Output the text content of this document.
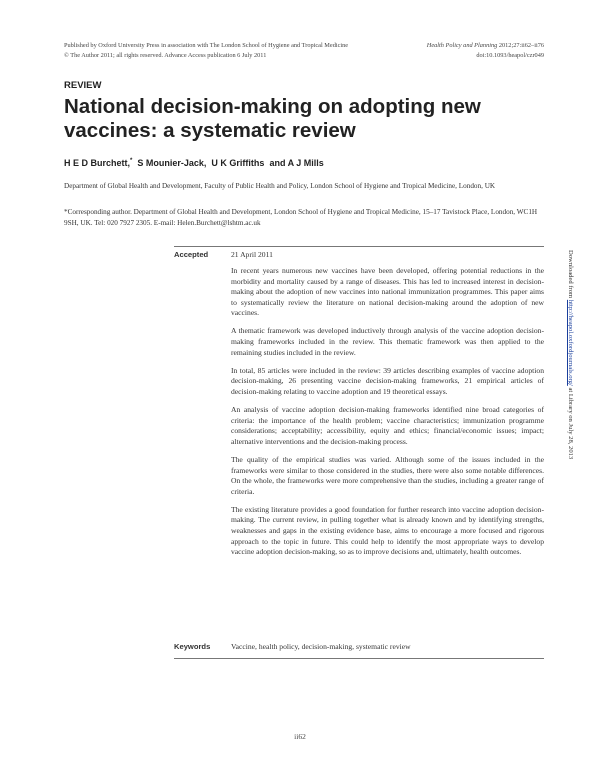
Published by Oxford University Press in association with The London School of Hygiene and Tropical Medicine
© The Author 2011; all rights reserved. Advance Access publication 6 July 2011
Health Policy and Planning 2012;27:ii62–ii76
doi:10.1093/heapol/czr049
REVIEW
National decision-making on adopting new vaccines: a systematic review
H E D Burchett,* S Mounier-Jack, U K Griffiths and A J Mills
Department of Global Health and Development, Faculty of Public Health and Policy, London School of Hygiene and Tropical Medicine, London, UK
*Corresponding author. Department of Global Health and Development, London School of Hygiene and Tropical Medicine, 15–17 Tavistock Place, London, WC1H 9SH, UK. Tel: 020 7927 2305. E-mail: Helen.Burchett@lshtm.ac.uk
Accepted	21 April 2011

In recent years numerous new vaccines have been developed, offering potential reductions in the morbidity and mortality caused by a range of diseases. This has led to increased interest in decision-making about the adoption of new vaccines into national immunization programmes. This paper aims to systematically review the literature on national decision-making around the adoption of new vaccines.

A thematic framework was developed inductively through analysis of the vaccine adoption decision-making frameworks included in the review. This thematic framework was then applied to the remaining studies included in the review.

In total, 85 articles were included in the review: 39 articles describing examples of vaccine adoption decision-making, 26 presenting vaccine decision-making frameworks, 21 empirical articles of decision-making relating to vaccine adoption and 19 theoretical essays.

An analysis of vaccine adoption decision-making frameworks identified nine broad categories of criteria: the importance of the health problem; vaccine characteristics; immunization programme considerations; acceptability; accessibility, equity and ethics; financial/economic issues; impact; alternative interventions and the decision-making process.

The quality of the empirical studies was varied. Although some of the issues included in the frameworks were similar to those considered in the studies, there were also some notable differences. On the whole, the frameworks were more comprehensive than the studies, including a greater range of criteria.

The existing literature provides a good foundation for further research into vaccine adoption decision-making. The current review, in pulling together what is already known and by identifying strengths, weaknesses and gaps in the existing evidence base, aims to encourage a more focused and rigorous approach to the topic in future. This could help to identify the most appropriate ways to develop vaccine adoption decision-making, so as to improve decisions and, ultimately, health outcomes.

Keywords	Vaccine, health policy, decision-making, systematic review
ii62
Downloaded from http://heapol.oxfordjournals.org/ at Library on July 28, 2013
